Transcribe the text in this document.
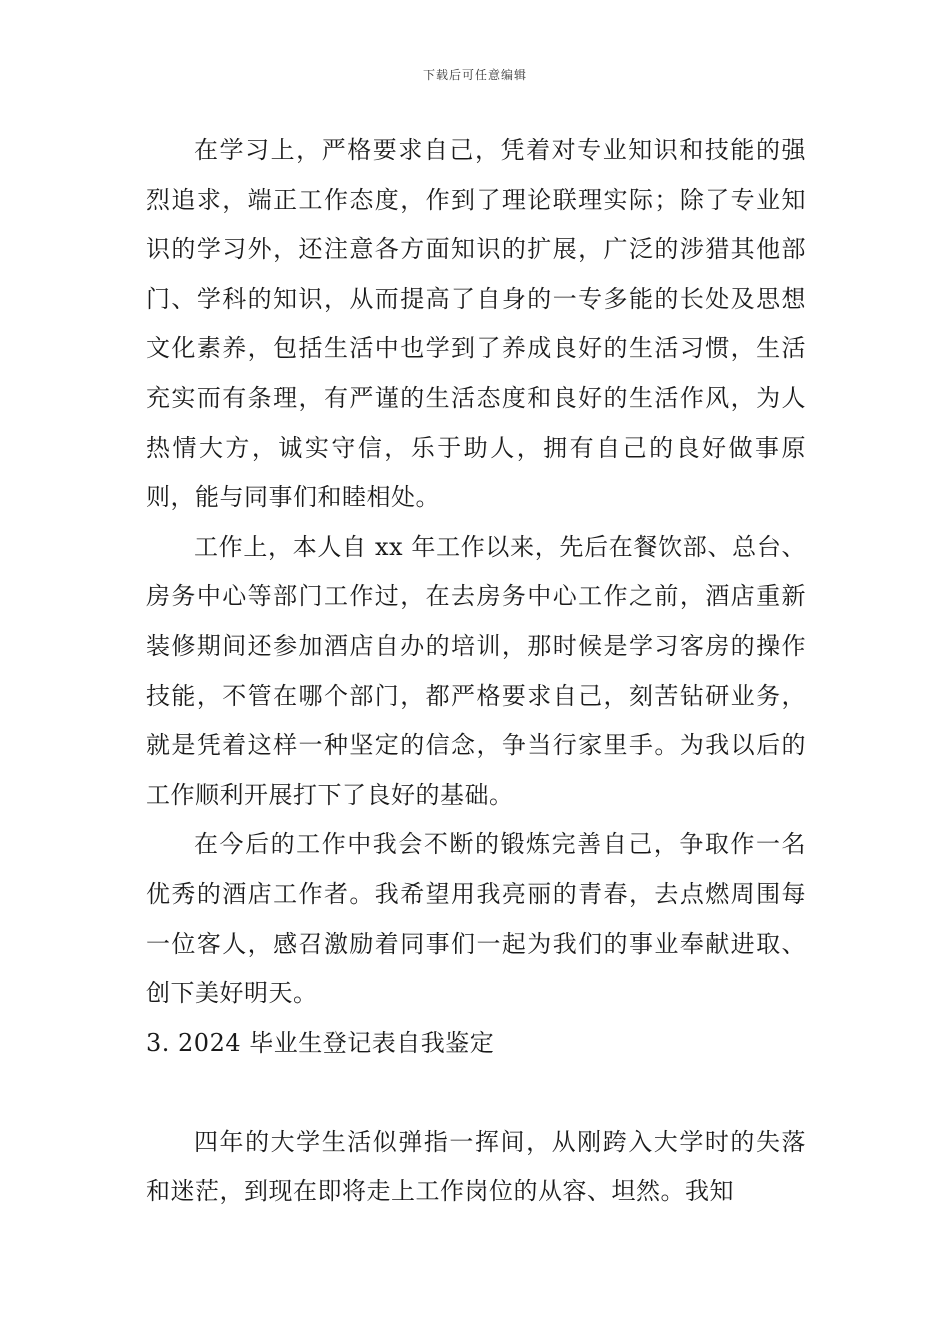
下载后可任意编辑

在学习上，严格要求自己，凭着对专业知识和技能的强烈追求，端正工作态度，作到了理论联理实际；除了专业知识的学习外，还注意各方面知识的扩展，广泛的涉猎其他部门、学科的知识，从而提高了自身的一专多能的长处及思想文化素养，包括生活中也学到了养成良好的生活习惯，生活充实而有条理，有严谨的生活态度和良好的生活作风，为人热情大方，诚实守信，乐于助人，拥有自己的良好做事原则，能与同事们和睦相处。

工作上，本人自 xx 年工作以来，先后在餐饮部、总台、房务中心等部门工作过，在去房务中心工作之前，酒店重新装修期间还参加酒店自办的培训，那时候是学习客房的操作技能，不管在哪个部门，都严格要求自己，刻苦钻研业务，就是凭着这样一种坚定的信念，争当行家里手。为我以后的工作顺利开展打下了良好的基础。

在今后的工作中我会不断的锻炼完善自己，争取作一名优秀的酒店工作者。我希望用我亮丽的青春，去点燃周围每一位客人，感召激励着同事们一起为我们的事业奉献进取、创下美好明天。

3. 2024 毕业生登记表自我鉴定

四年的大学生活似弹指一挥间，从刚跨入大学时的失落和迷茫，到现在即将走上工作岗位的从容、坦然。我知
